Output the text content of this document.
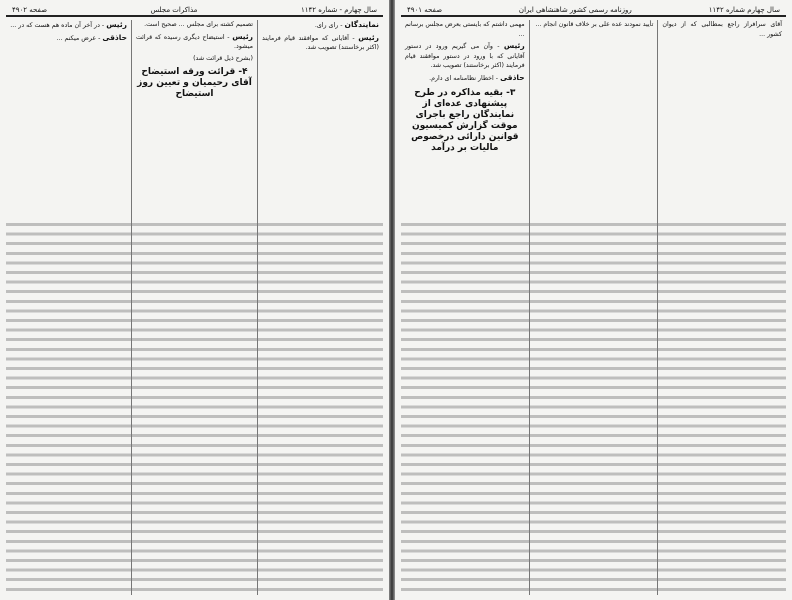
سال چهارم - شماره ۱۱۴۲
مذاکرات مجلس
صفحه ۴۹۰۲

نمایندگان - رای رای.

رئیس - آقایانی که موافقند قیام فرمایند (اکثر برخاستند) تصویب شد.

تصمیم کشته برای مجلس ... صحیح است.

رئیس - استیضاح دیگری رسیده که قرائت میشود.

(بشرح ذیل قرائت شد)

۴- قرائت ورقه استیضاح آقای رحیمیان و تعیین روز استیضاح

رئیس - در آخر آن ماده هم هست که در ...

حاذقی - عرض میکنم ...

سال چهارم شماره ۱۱۴۲
روزنامه رسمی کشور شاهنشاهی ایران
صفحه ۴۹۰۱

آقای سرافراز راجع بمطالبی که از دیوان کشور ...

تأیید نمودند عده علی بر خلاف قانون انجام ...

مهمی داشتم که بایستی بعرض مجلس برسانم ...

رئیس - وآن می گیریم ورود در دستور آقایانی که با ورود در دستور موافقند قیام فرمایند (اکثر برخاستند) تصویب شد.

حاذقی - اخطار نظامنامه ای دارم.

۳- بقیه مذاکره در طرح پیشنهادی عده‌ای از نمایندگان راجع باجرای موقت گزارش کمیسیون قوانین دارائی درخصوص مالیات بر درآمد
